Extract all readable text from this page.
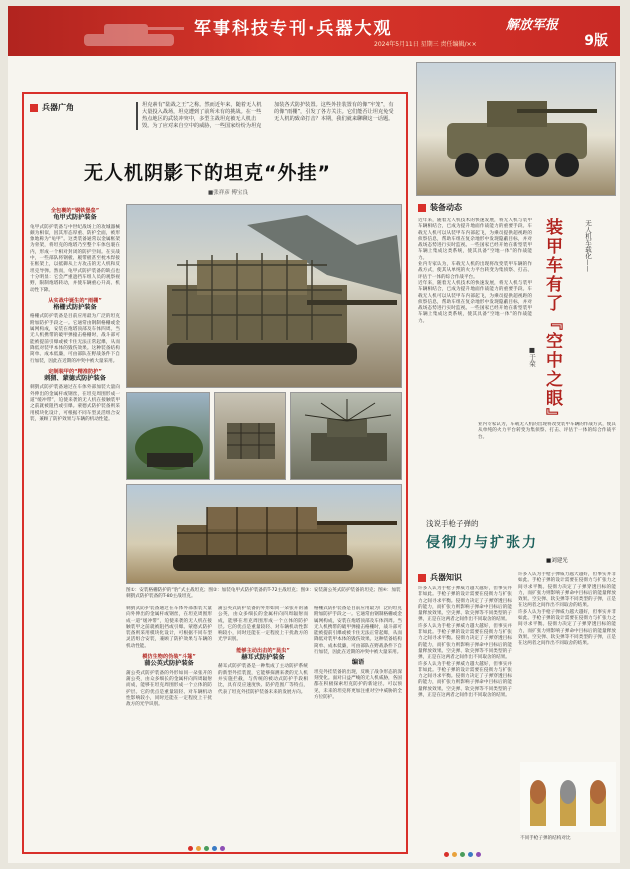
军事科技专刊·兵器大观	解放军报
2024年5月11日 星期三 责任编辑/××	9版
兵器广角	坦克素有“陆战之王”之称。然而近年来，随着无人机大量投入战场，坦克遭到了前所未有的挑战。在一些热点地区的武装冲突中，多型主战坦克被无人机击毁。为了应对来自空中的威胁，一些国家纷纷为坦克加装各式防护装置。这些外挂装置有的像“牢笼”，有的像“雨棚”，引发了各方关注。它们能否让坦克免受无人机的致命打击？本期，我们就来聊聊这一话题。
无人机阴影下的坦克“外挂”
■张祥彦 傅宝良
全包裹的“钢铁堡垒”
龟甲式防护装备

龟甲式防护装备与中世纪战场上的攻城器械颇为相似，因其形态厚重、防护全面，被形象地称为“龟甲”。这类装备通常以金属框架为骨架，将坦克的炮塔乃至整个车体包裹在内，形成一个相对封闭的防护空间。在实战中，一些部队将钢板、履带板甚至枕木焊接在框架上，以抵御从上方攻击的无人机和反坦克导弹。然而，龟甲式防护装备的缺点也十分明显：它会严重遮挡车组人员的观察视野，限制炮塔转动，并使车辆重心升高、机动性下降。

从实战中诞生的“雨棚”
格栅式防护装备

格栅式防护装备是目前应用最为广泛的坦克附加防护手段之一。它通常由钢制格栅或金属网构成，安装在炮塔顶部及车体四周。当无人机携带的破甲弹撞击格栅时，战斗部可能被提前引爆或被卡住无法正常起爆，从而降低对装甲本体的毁伤效果。这种装备结构简单、成本低廉，可由部队在野战条件下自行加装，因此在近期的冲突中被大量采用。

定制装甲的“精准防护”
刺猬、蒙德式防护装备

刺猬式防护装备通过在车体外部加装大量向外伸出的金属杆或钢丝，在坦克周围形成一道“缓冲带”，迫使来袭的无人机在接触装甲之前就被阻挡或引爆。蒙德式防护装备则采用模块化设计，可根据不同车型灵活组合安装，兼顾了防护效果与车辆的机动性能。

图①：安装格栅防护的“豹”式主战坦克；图②：加装龟甲式防护装备的T-72主战坦克；图③：安装蒲公英式防护装备的坦克；图④：加装刺猬式防护装备的T-80主战坦克。

刺猬式防护装备通过在车体外部加装大量向外伸出的金属杆或钢丝，在坦克周围形成一道“缓冲带”，迫使来袭的无人机在接触装甲之前就被阻挡或引爆。蒙德式防护装备则采用模块化设计，可根据不同车型灵活组合安装，兼顾了防护效果与车辆的机动性能。

模仿生物的伪装“斗篷”
蒲公英式防护装备

蒲公英式防护装备的外形如同一朵张开的蒲公英，由众多细长的金属杆向四周辐射而成，能够在坦克周围形成一个立体的防护层。它的优点是重量较轻、对车辆机动性影响较小，同时还能在一定程度上干扰敌方的光学识别。

蒲公英式防护装备的外形如同一朵张开的蒲公英，由众多细长的金属杆向四周辐射而成，能够在坦克周围形成一个立体的防护层。它的优点是重量较轻、对车辆机动性影响较小，同时还能在一定程度上干扰敌方的光学识别。

能够主动出击的“昆虫”
赫耳式防护装备

赫耳式防护装备是一种集成了主动防护系统的新型外挂装置，它能够探测来袭的无人机并实施拦截，与传统的被动式防护手段相比，具有反应速度快、防护范围广等特点，代表了坦克外挂防护装备未来的发展方向。

格栅式防护装备是目前应用最为广泛的坦克附加防护手段之一。它通常由钢制格栅或金属网构成，安装在炮塔顶部及车体四周。当无人机携带的破甲弹撞击格栅时，战斗部可能被提前引爆或被卡住无法正常起爆，从而降低对装甲本体的毁伤效果。这种装备结构简单、成本低廉，可由部队在野战条件下自行加装，因此在近期的冲突中被大量采用。

编语

坦克外挂装备的出现，反映了战争形态的深刻变化。面对日益严峻的无人机威胁，各国都在积极探索坦克防护的新途径。可以预见，未来的坦克将更加注重对空中威胁的全方位防护。

装备动态

近年来，随着无人机技术的快速发展，将无人机与装甲车辆相结合，已成为提升地面作战能力的重要手段。车载无人机可以从装甲车内部起飞，为乘员提供超视距的侦察信息，帮助车组在复杂地形中发现隐蔽目标，并对战场态势进行实时监视。一些国家已经开始在新型装甲车辆上集成这类系统，使其具备“空地一体”的作战能力。

业内专家认为，车载无人机的出现将改变装甲车辆的作战方式，使其从单纯的火力平台转变为集侦察、打击、评估于一体的综合作战平台。

近年来，随着无人机技术的快速发展，将无人机与装甲车辆相结合，已成为提升地面作战能力的重要手段。车载无人机可以从装甲车内部起飞，为乘员提供超视距的侦察信息，帮助车组在复杂地形中发现隐蔽目标，并对战场态势进行实时监视。一些国家已经开始在新型装甲车辆上集成这类系统，使其具备“空地一体”的作战能力。

业内专家认为，车载无人机的出现将改变装甲车辆的作战方式，使其从单纯的火力平台转变为集侦察、打击、评估于一体的综合作战平台。

无人机车载化——
装甲车有了『空中之眼』
■于荣
浅说手枪子弹的
侵彻力与扩张力
■刘建光
兵器知识

许多人认为手枪子弹威力越大越好，但事实并非如此。手枪子弹的设计需要在侵彻力与扩张力之间寻求平衡。侵彻力决定了子弹穿透目标的能力，而扩张力则影响子弹命中目标后的能量释放效果。空尖弹、软尖弹等不同类型的子弹，正是在这两者之间作出不同取舍的结果。

许多人认为手枪子弹威力越大越好，但事实并非如此。手枪子弹的设计需要在侵彻力与扩张力之间寻求平衡。侵彻力决定了子弹穿透目标的能力，而扩张力则影响子弹命中目标后的能量释放效果。空尖弹、软尖弹等不同类型的子弹，正是在这两者之间作出不同取舍的结果。

许多人认为手枪子弹威力越大越好，但事实并非如此。手枪子弹的设计需要在侵彻力与扩张力之间寻求平衡。侵彻力决定了子弹穿透目标的能力，而扩张力则影响子弹命中目标后的能量释放效果。空尖弹、软尖弹等不同类型的子弹，正是在这两者之间作出不同取舍的结果。

许多人认为手枪子弹威力越大越好，但事实并非如此。手枪子弹的设计需要在侵彻力与扩张力之间寻求平衡。侵彻力决定了子弹穿透目标的能力，而扩张力则影响子弹命中目标后的能量释放效果。空尖弹、软尖弹等不同类型的子弹，正是在这两者之间作出不同取舍的结果。

许多人认为手枪子弹威力越大越好，但事实并非如此。手枪子弹的设计需要在侵彻力与扩张力之间寻求平衡。侵彻力决定了子弹穿透目标的能力，而扩张力则影响子弹命中目标后的能量释放效果。空尖弹、软尖弹等不同类型的子弹，正是在这两者之间作出不同取舍的结果。

不同手枪子弹的结构对比
